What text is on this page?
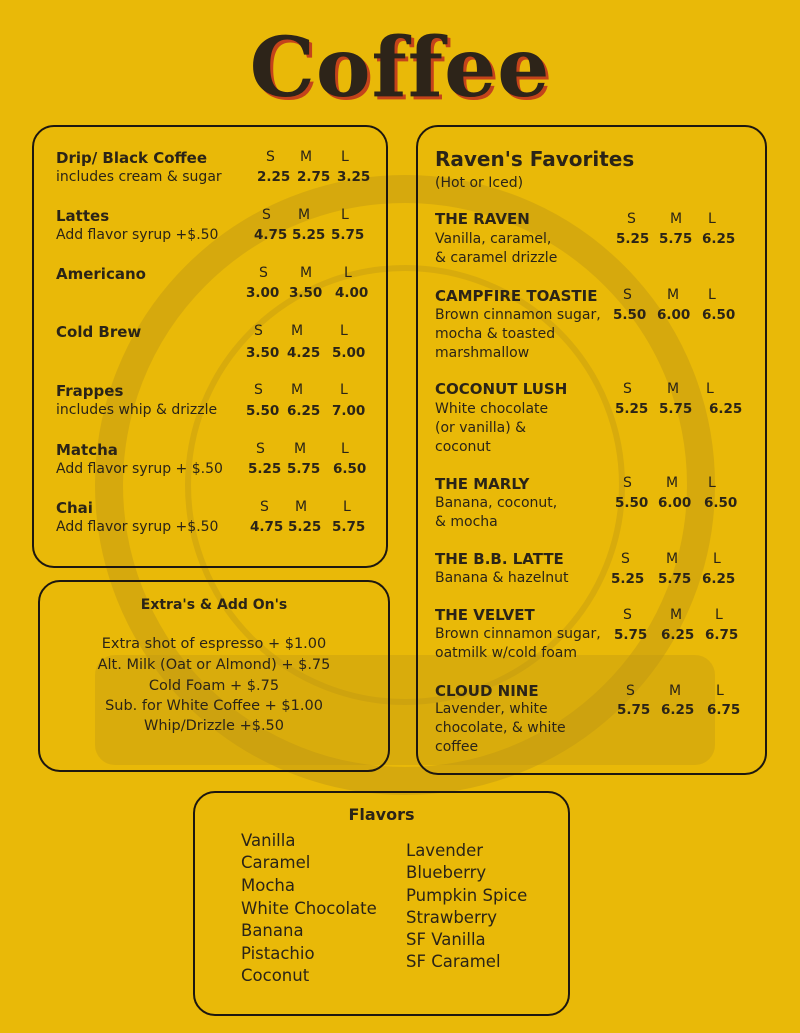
Coffee
Drip/ Black Coffee	S M L
includes cream & sugar	2.25 2.75 3.25
Lattes	S M L
Add flavor syrup +$.50	4.75 5.25 5.75
Americano	S M L
3.00 3.50 4.00
Cold Brew	S M	L
3.50 4.25 5.00
Frappes	S M	L
includes whip & drizzle 5.50 6.25 7.00
Matcha	S M L
Add flavor syrup + $.50 5.25 5.75 6.50
Chai	S M	L
Add flavor syrup +$.50 4.75 5.25 5.75
Extra's & Add On's
Extra shot of espresso + $1.00
Alt. Milk (Oat or Almond) + $.75
Cold Foam + $.75
Sub. for White Coffee + $1.00
Whip/Drizzle +$.50
Raven's Favorites
(Hot or Iced)
THE RAVEN	S M L
Vanilla, caramel,
& caramel drizzle
5.25 5.75 6.25
CAMPFIRE TOASTIE S	M L
Brown cinnamon sugar,
mocha & toasted
marshmallow
5.50 6.00 6.50
COCONUT LUSH	S	M L
White chocolate
(or vanilla) &
coconut
5.25 5.75 6.25
THE MARLY	S M L
Banana, coconut,
& mocha
5.50 6.00 6.50
THE B.B. LATTE	S	M L
Banana & hazelnut	5.25 5.75 6.25
THE VELVET	S	M L
Brown cinnamon sugar,
oatmilk w/cold foam
5.75 6.25 6.75
CLOUD NINE	S M L
Lavender, white
chocolate, & white
coffee
5.75 6.25 6.75
Flavors
Vanilla
Caramel
Mocha
White Chocolate
Banana
Pistachio
Coconut
Lavender
Blueberry
Pumpkin Spice
Strawberry
SF Vanilla
SF Caramel
